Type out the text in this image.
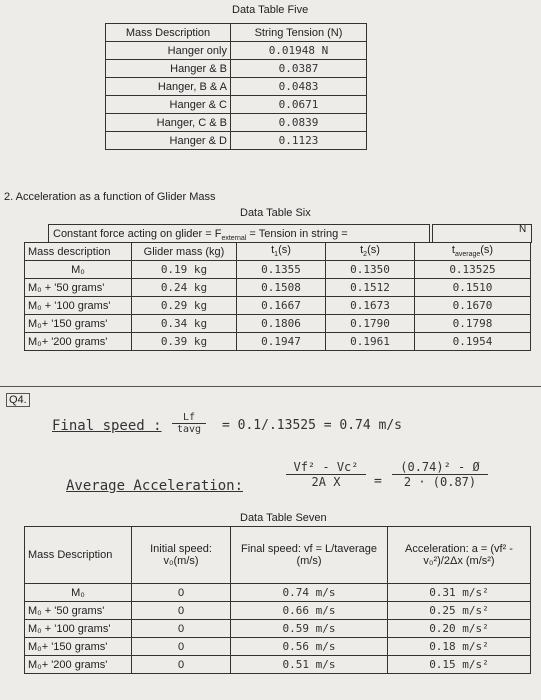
Data Table Five
Mass Description	String Tension (N)
Hanger only	0.01948 N
Hanger & B	0.0387
Hanger, B & A	0.0483
Hanger & C	0.0671
Hanger, C & B	0.0839
Hanger & D	0.1123
2. Acceleration as a function of Glider Mass
Data Table Six
Constant force acting on glider = $F_{external}$ = Tension in string =	N
Mass description	Glider mass (kg)	$t_1(s)$	$t_2(s)$	$t_{average}(s)$
M₀	0.19 kg	0.1355	0.1350	0.13525
M₀ + '50 grams'	0.24 kg	0.1508	0.1512	0.1510
M₀ + '100 grams'	0.29 kg	0.1667	0.1673	0.1670
M₀+ '150 grams'	0.34 kg	0.1806	0.1790	0.1798
M₀+ '200 grams'	0.39 kg	0.1947	0.1961	0.1954
Q4.
Final speed :
Lf
tavg	= 0.1/.13525 = 0.74 m/s
Average Acceleration:	$\frac{\text{Vf² - Vc²}}{\text{2A X}} = \frac{\text{(0.74)² - Ø}}{2 \cdot (0.87)}$
Data Table Seven
Mass Description	Initial speed: v₀(m/s)	Final speed: vf = L/taverage (m/s)	Acceleration: a = (vf² - v₀²)/2Δx (m/s²)
M₀	0	0.74 m/s	0.31 m/s²
M₀ + '50 grams'	0	0.66 m/s	0.25 m/s²
M₀ + '100 grams'	0	0.59 m/s	0.20 m/s²
M₀+ '150 grams'	0	0.56 m/s	0.18 m/s²
M₀+ '200 grams'	0	0.51 m/s	0.15 m/s²
